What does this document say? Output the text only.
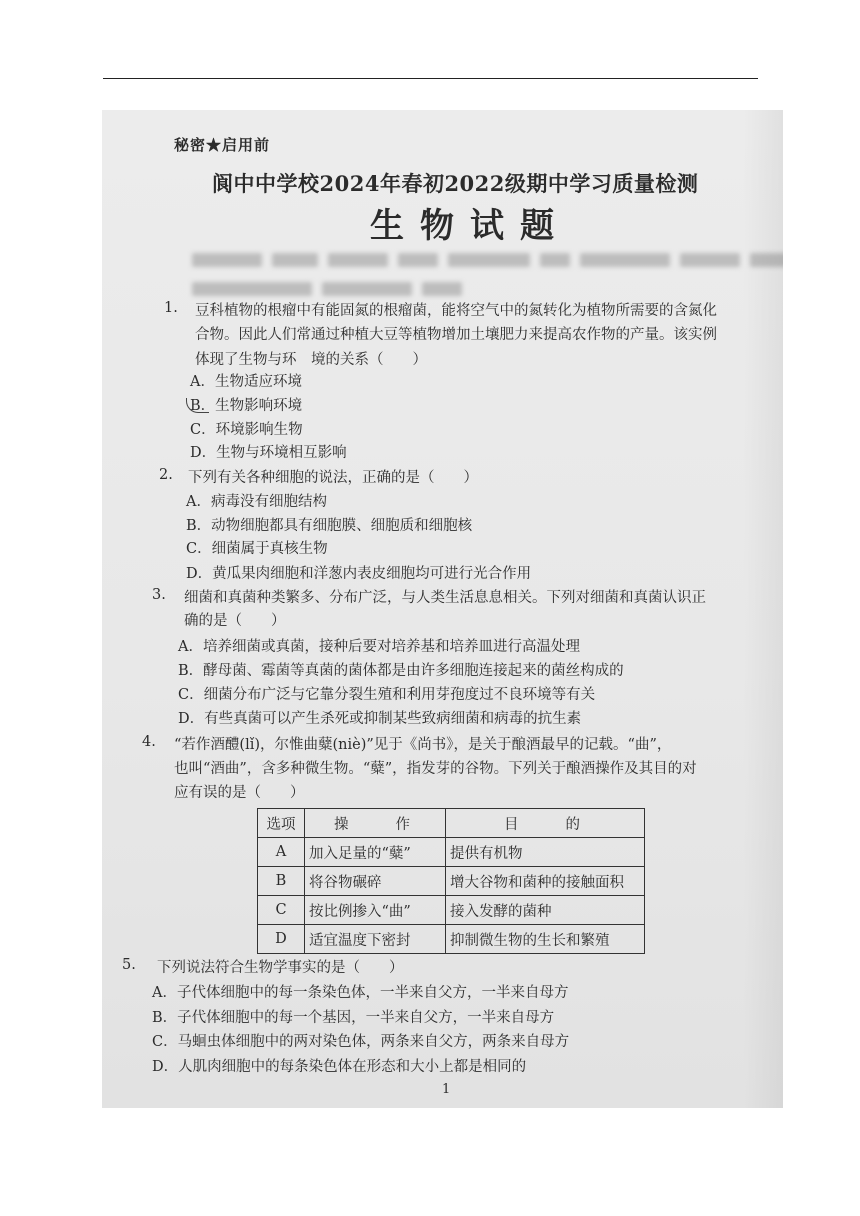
秘密★启用前
阆中中学校2024年春初2022级期中学习质量检测
生物试题
1. 豆科植物的根瘤中有能固氮的根瘤菌，能将空气中的氮转化为植物所需要的含氮化
合物。因此人们常通过种植大豆等植物增加土壤肥力来提高农作物的产量。该实例
体现了生物与环　境的关系（　　）
A．生物适应环境
B．生物影响环境
C．环境影响生物
D．生物与环境相互影响
2. 下列有关各种细胞的说法，正确的是（　　）
A．病毒没有细胞结构
B．动物细胞都具有细胞膜、细胞质和细胞核
C．细菌属于真核生物
D．黄瓜果肉细胞和洋葱内表皮细胞均可进行光合作用
3. 细菌和真菌种类繁多、分布广泛，与人类生活息息相关。下列对细菌和真菌认识正
确的是（　　）
A．培养细菌或真菌，接种后要对培养基和培养皿进行高温处理
B．酵母菌、霉菌等真菌的菌体都是由许多细胞连接起来的菌丝构成的
C．细菌分布广泛与它靠分裂生殖和利用芽孢度过不良环境等有关
D．有些真菌可以产生杀死或抑制某些致病细菌和病毒的抗生素
4. “若作酒醴(lǐ)，尔惟曲糵(niè)”见于《尚书》，是关于酿酒最早的记载。“曲”，
也叫“酒曲”，含多种微生物。“糵”，指发芽的谷物。下列关于酿酒操作及其目的对
应有误的是（　　）
选项	操　　作	目　　的
A	加入足量的“糵”	提供有机物
B	将谷物碾碎	增大谷物和菌种的接触面积
C	按比例掺入“曲”	接入发酵的菌种
D	适宜温度下密封	抑制微生物的生长和繁殖
5. 下列说法符合生物学事实的是（　　）
A．子代体细胞中的每一条染色体，一半来自父方，一半来自母方
B．子代体细胞中的每一个基因，一半来自父方，一半来自母方
C．马蛔虫体细胞中的两对染色体，两条来自父方，两条来自母方
D．人肌肉细胞中的每条染色体在形态和大小上都是相同的
1
